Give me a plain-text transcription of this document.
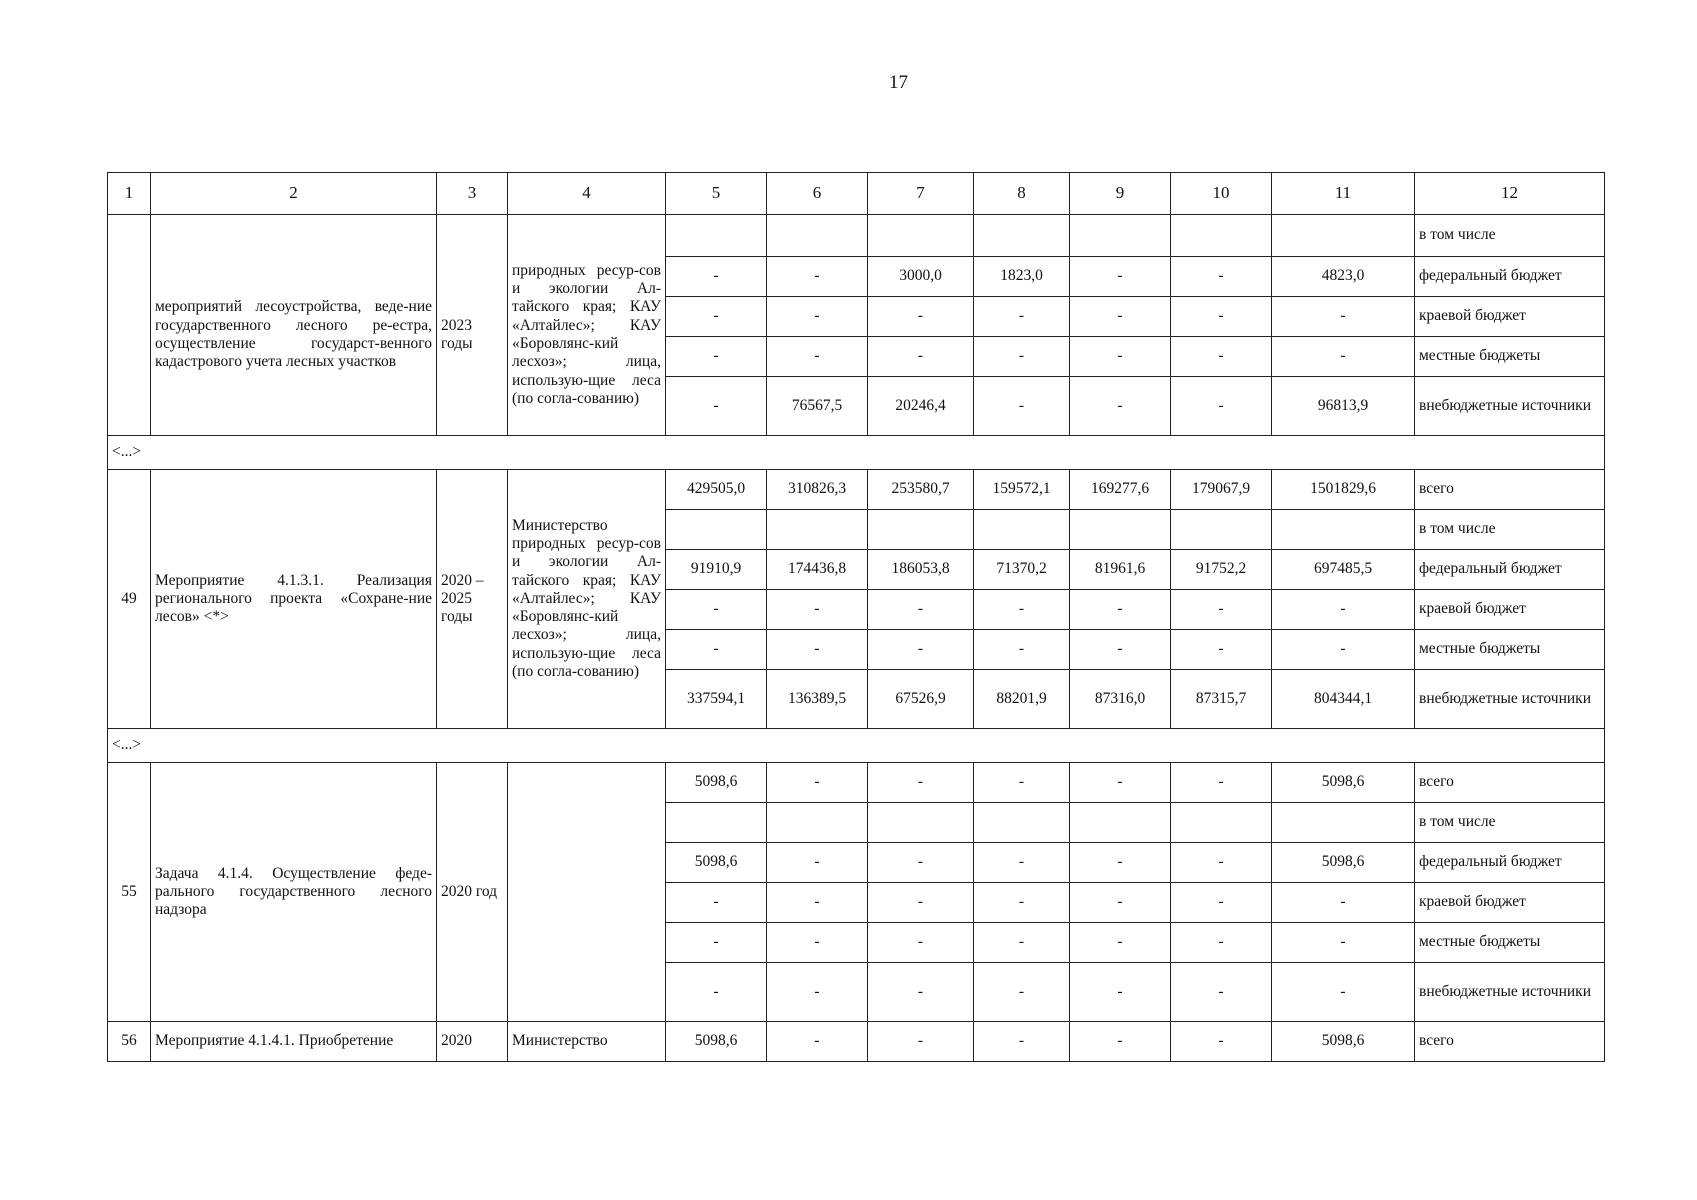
17
1	2	3	4	5	6	7	8	9	10	11	12
	мероприятий лесоустройства, веде-ние государственного лесного ре-естра, осуществление государст-венного кадастрового учета лесных участков	2023 годы	природных ресур-сов и экологии Ал-тайского края; КАУ «Алтайлес»; КАУ «Боровлянс-кий лесхоз»; лица, использую-щие леса (по согла-сованию)								в том числе
				-	-	3000,0	1823,0	-	-	4823,0	федеральный бюджет
				-	-	-	-	-	-	-	краевой бюджет
				-	-	-	-	-	-	-	местные бюджеты
				-	76567,5	20246,4	-	-	-	96813,9	внебюджетные источники
<...>											
49	Мероприятие 4.1.3.1. Реализация регионального проекта «Сохране-ние лесов» <*>	2020 – 2025 годы	Министерство природных ресур-сов и экологии Ал-тайского края; КАУ «Алтайлес»; КАУ «Боровлянс-кий лесхоз»; лица, использую-щие леса (по согла-сованию)	429505,0	310826,3	253580,7	159572,1	169277,6	179067,9	1501829,6	всего
											в том числе
				91910,9	174436,8	186053,8	71370,2	81961,6	91752,2	697485,5	федеральный бюджет
				-	-	-	-	-	-	-	краевой бюджет
				-	-	-	-	-	-	-	местные бюджеты
				337594,1	136389,5	67526,9	88201,9	87316,0	87315,7	804344,1	внебюджетные источники
<...>											
55	Задача 4.1.4. Осуществление феде-рального государственного лесного надзора	2020 год		5098,6	-	-	-	-	-	5098,6	всего
											в том числе
				5098,6	-	-	-	-	-	5098,6	федеральный бюджет
				-	-	-	-	-	-	-	краевой бюджет
				-	-	-	-	-	-	-	местные бюджеты
				-	-	-	-	-	-	-	внебюджетные источники
56	Мероприятие 4.1.4.1. Приобретение	2020	Министерство	5098,6	-	-	-	-	-	5098,6	всего
